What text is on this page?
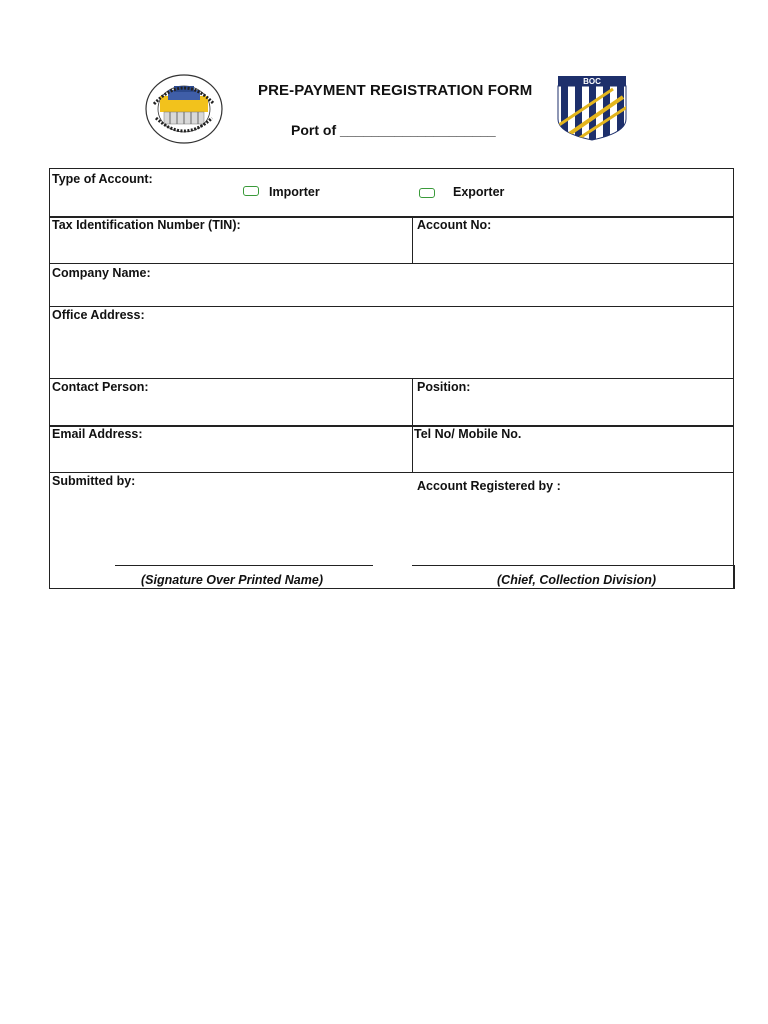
PRE-PAYMENT REGISTRATION FORM
Port of ____________________
BOC
Type of Account:
Importer	Exporter
Tax Identification Number (TIN):	Account No:
Company Name:
Office Address:
Contact Person:	Position:
Email Address:	Tel No/ Mobile No.
Submitted by:	Account Registered by :
(Signature Over Printed Name)	(Chief, Collection Division)
